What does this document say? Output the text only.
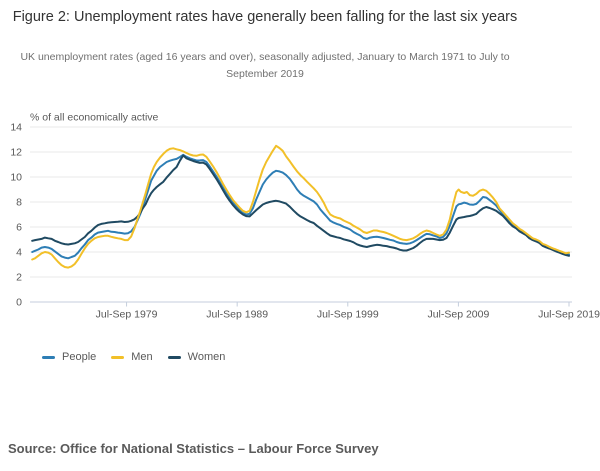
Figure 2: Unemployment rates have generally been falling for the last six years

UK unemployment rates (aged 16 years and over), seasonally adjusted, January to March 1971 to July to September 2019

0
2
4
6
8
10
12
14
% of all economically active
Jul-Sep 1979	Jul-Sep 1989	Jul-Sep 1999	Jul-Sep 2009	Jul-Sep 2019
People	Men	Women

Source: Office for National Statistics – Labour Force Survey
